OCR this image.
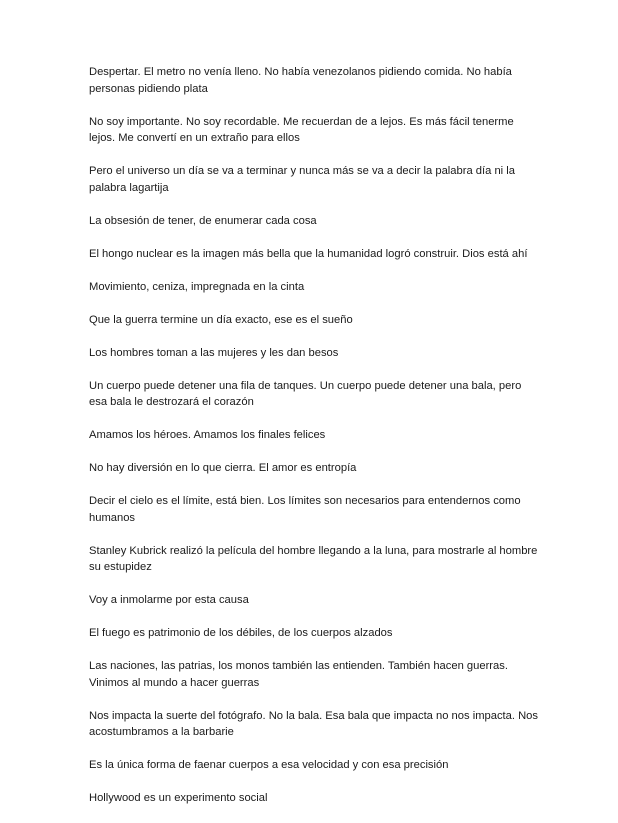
Despertar. El metro no venía lleno. No había venezolanos pidiendo comida. No había personas pidiendo plata

No soy importante. No soy recordable. Me recuerdan de a lejos. Es más fácil tenerme lejos. Me convertí en un extraño para ellos

Pero el universo un día se va a terminar y nunca más se va a decir la palabra día ni la palabra lagartija

La obsesión de tener, de enumerar cada cosa

El hongo nuclear es la imagen más bella que la humanidad logró construir. Dios está ahí

Movimiento, ceniza, impregnada en la cinta

Que la guerra termine un día exacto, ese es el sueño

Los hombres toman a las mujeres y les dan besos

Un cuerpo puede detener una fila de tanques. Un cuerpo puede detener una bala, pero esa bala le destrozará el corazón

Amamos los héroes. Amamos los finales felices

No hay diversión en lo que cierra. El amor es entropía

Decir el cielo es el límite, está bien. Los límites son necesarios para entendernos como humanos

Stanley Kubrick realizó la película del hombre llegando a la luna, para mostrarle al hombre su estupidez

Voy a inmolarme por esta causa

El fuego es patrimonio de los débiles, de los cuerpos alzados

Las naciones, las patrias, los monos también las entienden. También hacen guerras. Vinimos al mundo a hacer guerras

Nos impacta la suerte del fotógrafo. No la bala. Esa bala que impacta no nos impacta. Nos acostumbramos a la barbarie

Es la única forma de faenar cuerpos a esa velocidad y con esa precisión

Hollywood es un experimento social
